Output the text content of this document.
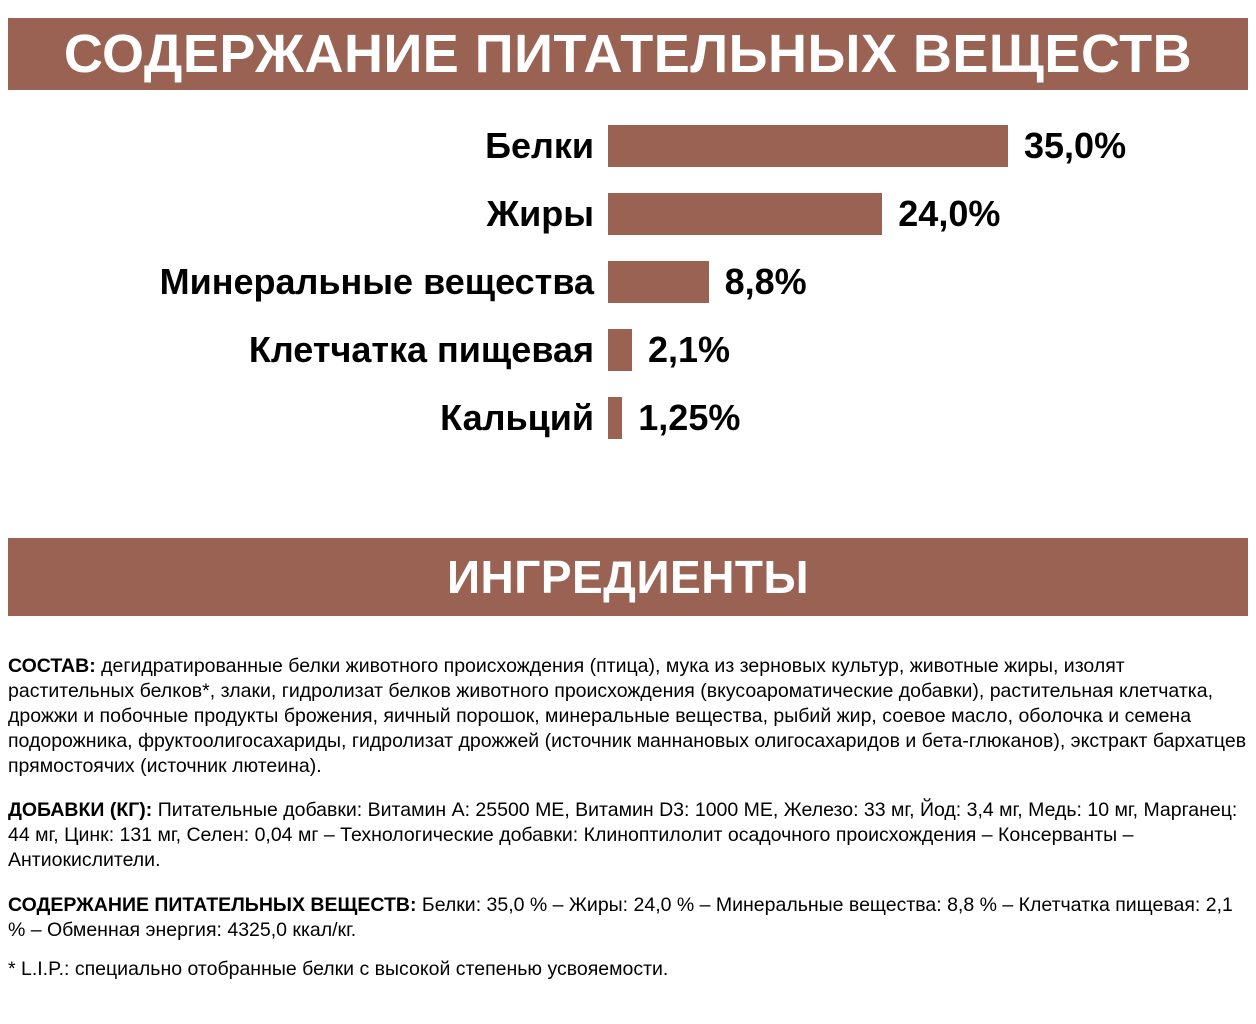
СОДЕРЖАНИЕ ПИТАТЕЛЬНЫХ ВЕЩЕСТВ
Белки	35,0%
Жиры	24,0%
Минеральные вещества	8,8%
Клетчатка пищевая	2,1%
Кальций	1,25%
ИНГРЕДИЕНТЫ

СОСТАВ: дегидратированные белки животного происхождения (птица), мука из зерновых культур, животные жиры, изолят растительных белков*, злаки, гидролизат белков животного происхождения (вкусоароматические добавки), растительная клетчатка, дрожжи и побочные продукты брожения, яичный порошок, минеральные вещества, рыбий жир, соевое масло, оболочка и семена подорожника, фруктоолигосахариды, гидролизат дрожжей (источник маннановых олигосахаридов и бета-глюканов), экстракт бархатцев прямостоячих (источник лютеина).

ДОБАВКИ (КГ): Питательные добавки: Витамин А: 25500 МЕ, Витамин D3: 1000 МЕ, Железо: 33 мг, Йод: 3,4 мг, Медь: 10 мг, Марганец: 44 мг, Цинк: 131 мг, Селен: 0,04 мг – Технологические добавки: Клиноптилолит осадочного происхождения – Консерванты – Антиокислители.

СОДЕРЖАНИЕ ПИТАТЕЛЬНЫХ ВЕЩЕСТВ: Белки: 35,0 % – Жиры: 24,0 % – Минеральные вещества: 8,8 % – Клетчатка пищевая: 2,1 % – Обменная энергия: 4325,0 ккал/кг.

* L.I.P.: специально отобранные белки с высокой степенью усвояемости.
